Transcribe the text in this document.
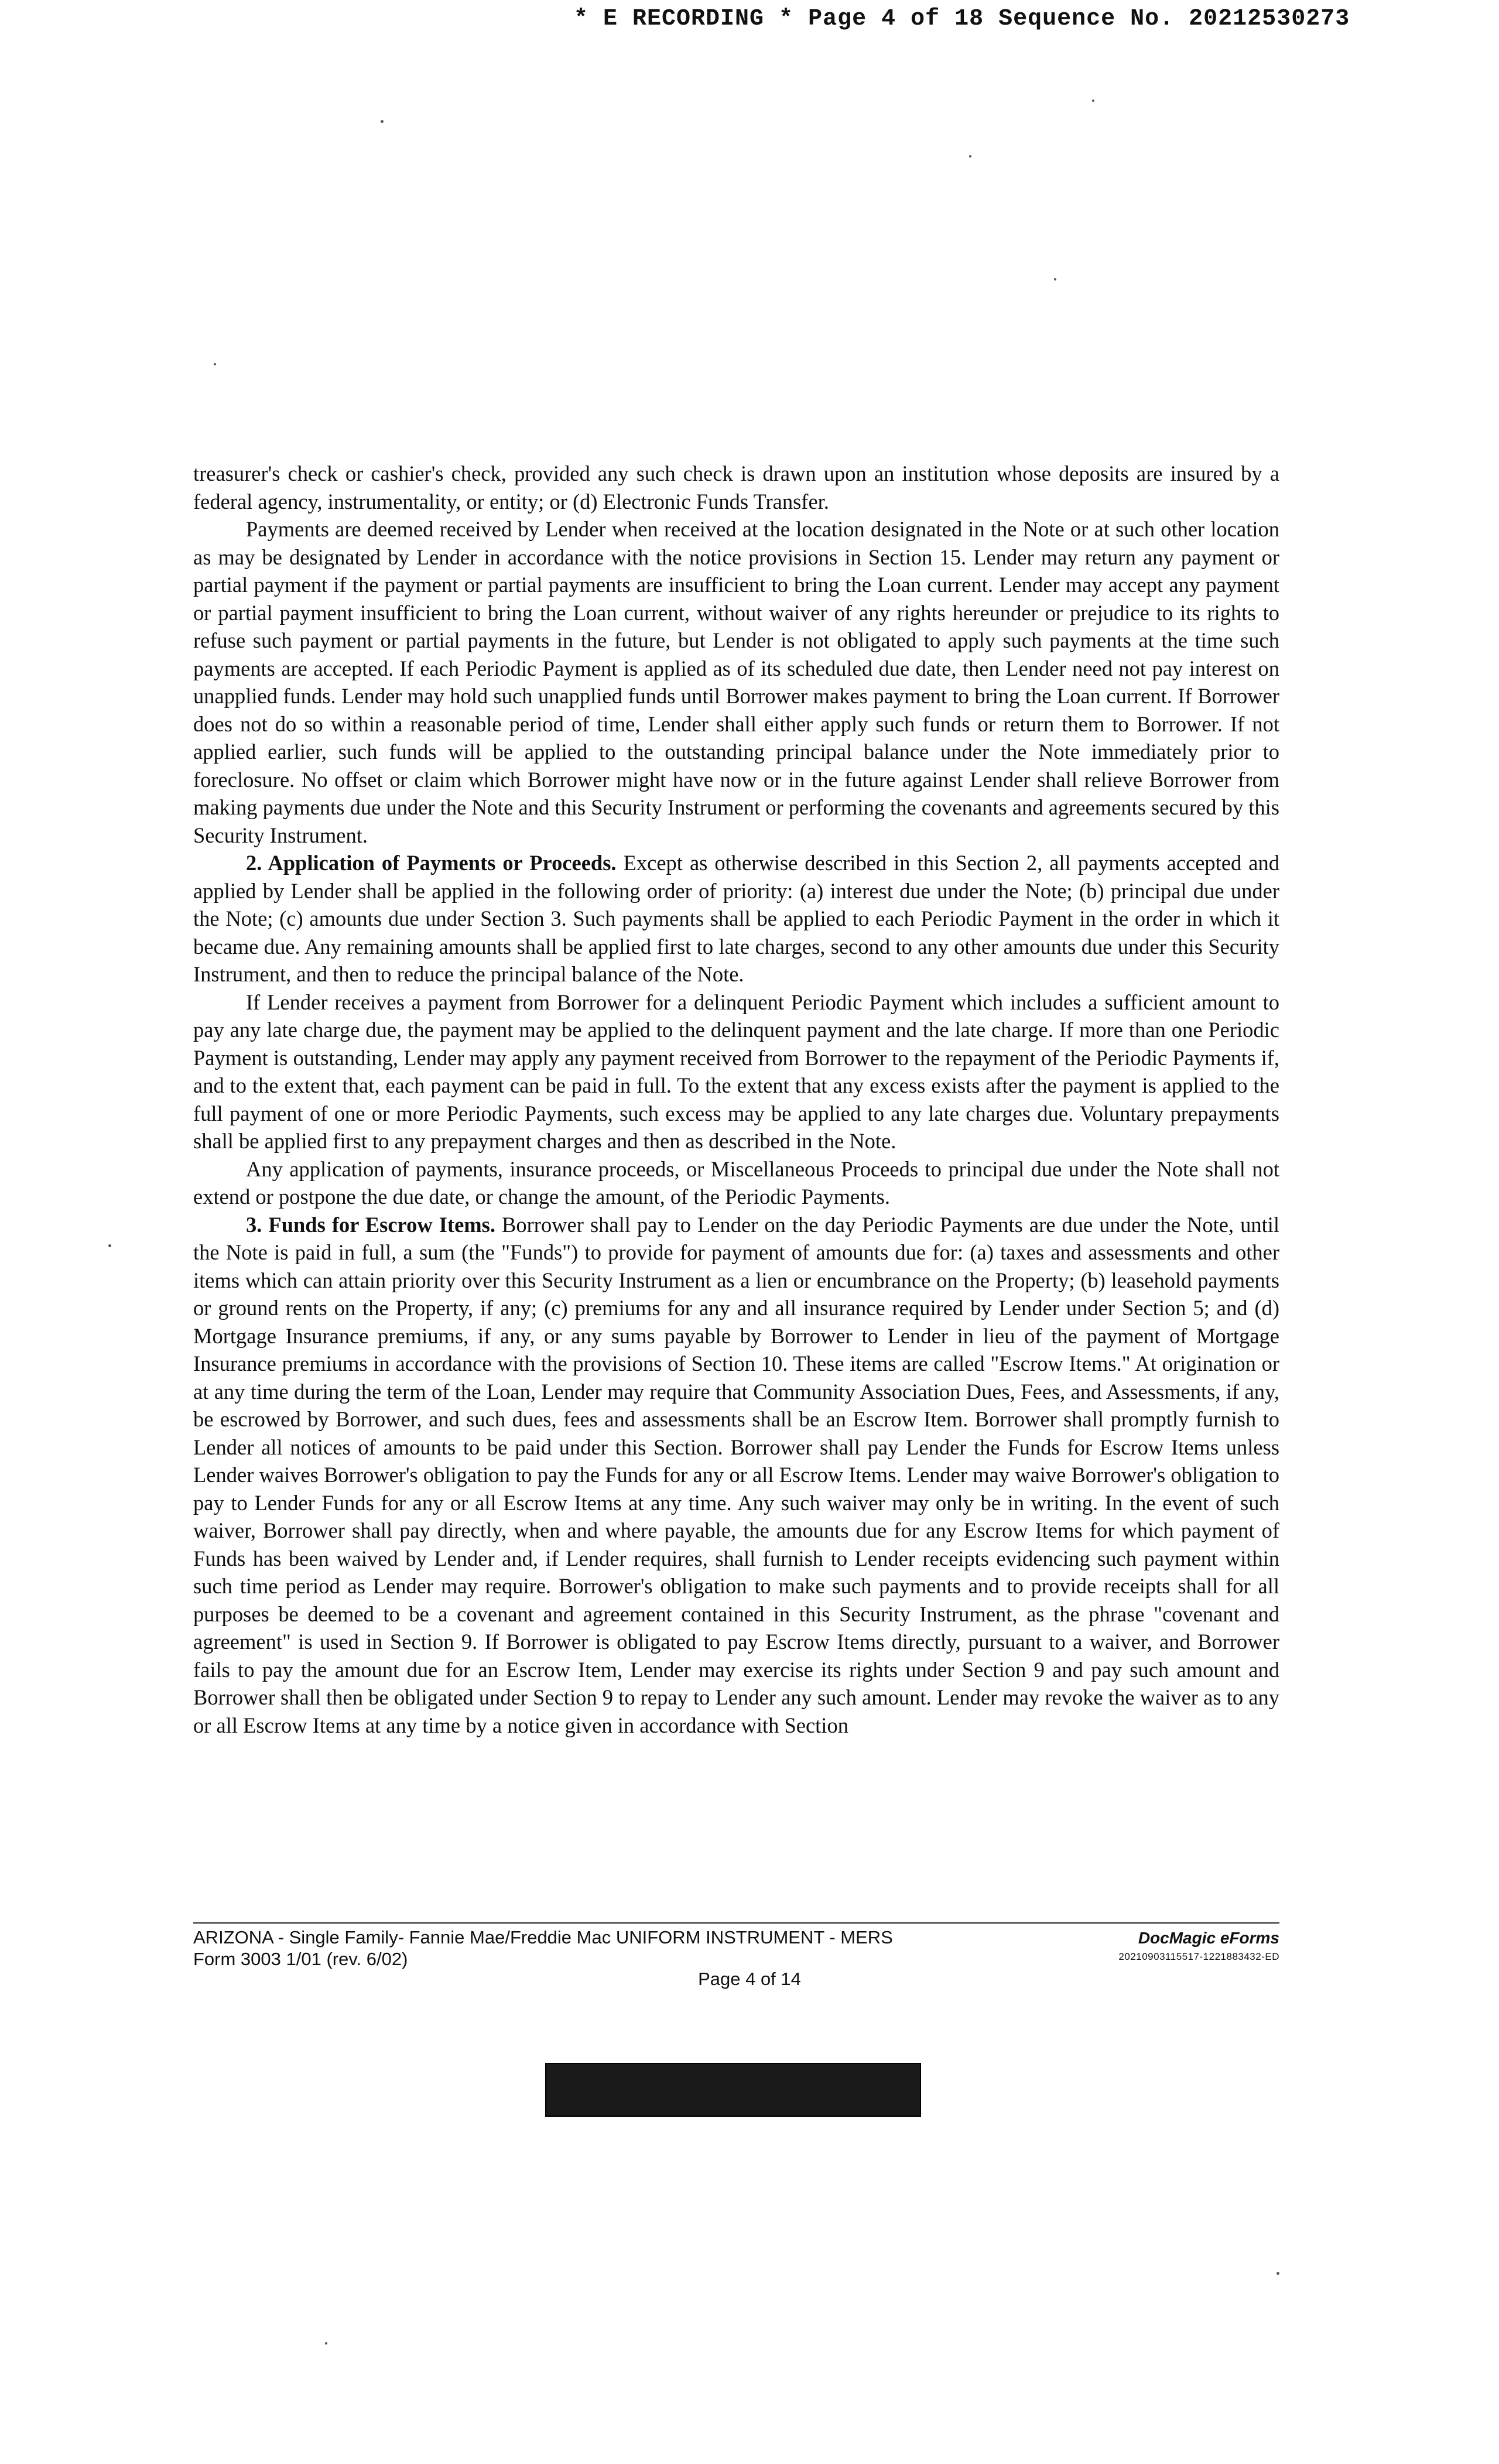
* E RECORDING * Page 4 of 18 Sequence No. 20212530273

treasurer's check or cashier's check, provided any such check is drawn upon an institution whose deposits are insured by a federal agency, instrumentality, or entity; or (d) Electronic Funds Transfer.

Payments are deemed received by Lender when received at the location designated in the Note or at such other location as may be designated by Lender in accordance with the notice provisions in Section 15. Lender may return any payment or partial payment if the payment or partial payments are insufficient to bring the Loan current. Lender may accept any payment or partial payment insufficient to bring the Loan current, without waiver of any rights hereunder or prejudice to its rights to refuse such payment or partial payments in the future, but Lender is not obligated to apply such payments at the time such payments are accepted. If each Periodic Payment is applied as of its scheduled due date, then Lender need not pay interest on unapplied funds. Lender may hold such unapplied funds until Borrower makes payment to bring the Loan current. If Borrower does not do so within a reasonable period of time, Lender shall either apply such funds or return them to Borrower. If not applied earlier, such funds will be applied to the outstanding principal balance under the Note immediately prior to foreclosure. No offset or claim which Borrower might have now or in the future against Lender shall relieve Borrower from making payments due under the Note and this Security Instrument or performing the covenants and agreements secured by this Security Instrument.

2. Application of Payments or Proceeds. Except as otherwise described in this Section 2, all payments accepted and applied by Lender shall be applied in the following order of priority: (a) interest due under the Note; (b) principal due under the Note; (c) amounts due under Section 3. Such payments shall be applied to each Periodic Payment in the order in which it became due. Any remaining amounts shall be applied first to late charges, second to any other amounts due under this Security Instrument, and then to reduce the principal balance of the Note.

If Lender receives a payment from Borrower for a delinquent Periodic Payment which includes a sufficient amount to pay any late charge due, the payment may be applied to the delinquent payment and the late charge. If more than one Periodic Payment is outstanding, Lender may apply any payment received from Borrower to the repayment of the Periodic Payments if, and to the extent that, each payment can be paid in full. To the extent that any excess exists after the payment is applied to the full payment of one or more Periodic Payments, such excess may be applied to any late charges due. Voluntary prepayments shall be applied first to any prepayment charges and then as described in the Note.

Any application of payments, insurance proceeds, or Miscellaneous Proceeds to principal due under the Note shall not extend or postpone the due date, or change the amount, of the Periodic Payments.

3. Funds for Escrow Items. Borrower shall pay to Lender on the day Periodic Payments are due under the Note, until the Note is paid in full, a sum (the "Funds") to provide for payment of amounts due for: (a) taxes and assessments and other items which can attain priority over this Security Instrument as a lien or encumbrance on the Property; (b) leasehold payments or ground rents on the Property, if any; (c) premiums for any and all insurance required by Lender under Section 5; and (d) Mortgage Insurance premiums, if any, or any sums payable by Borrower to Lender in lieu of the payment of Mortgage Insurance premiums in accordance with the provisions of Section 10. These items are called "Escrow Items." At origination or at any time during the term of the Loan, Lender may require that Community Association Dues, Fees, and Assessments, if any, be escrowed by Borrower, and such dues, fees and assessments shall be an Escrow Item. Borrower shall promptly furnish to Lender all notices of amounts to be paid under this Section. Borrower shall pay Lender the Funds for Escrow Items unless Lender waives Borrower's obligation to pay the Funds for any or all Escrow Items. Lender may waive Borrower's obligation to pay to Lender Funds for any or all Escrow Items at any time. Any such waiver may only be in writing. In the event of such waiver, Borrower shall pay directly, when and where payable, the amounts due for any Escrow Items for which payment of Funds has been waived by Lender and, if Lender requires, shall furnish to Lender receipts evidencing such payment within such time period as Lender may require. Borrower's obligation to make such payments and to provide receipts shall for all purposes be deemed to be a covenant and agreement contained in this Security Instrument, as the phrase "covenant and agreement" is used in Section 9. If Borrower is obligated to pay Escrow Items directly, pursuant to a waiver, and Borrower fails to pay the amount due for an Escrow Item, Lender may exercise its rights under Section 9 and pay such amount and Borrower shall then be obligated under Section 9 to repay to Lender any such amount. Lender may revoke the waiver as to any or all Escrow Items at any time by a notice given in accordance with Section

ARIZONA - Single Family- Fannie Mae/Freddie Mac UNIFORM INSTRUMENT - MERS
Form 3003 1/01 (rev. 6/02)
DocMagic eForms
20210903115517-1221883432-ED
Page 4 of 14
